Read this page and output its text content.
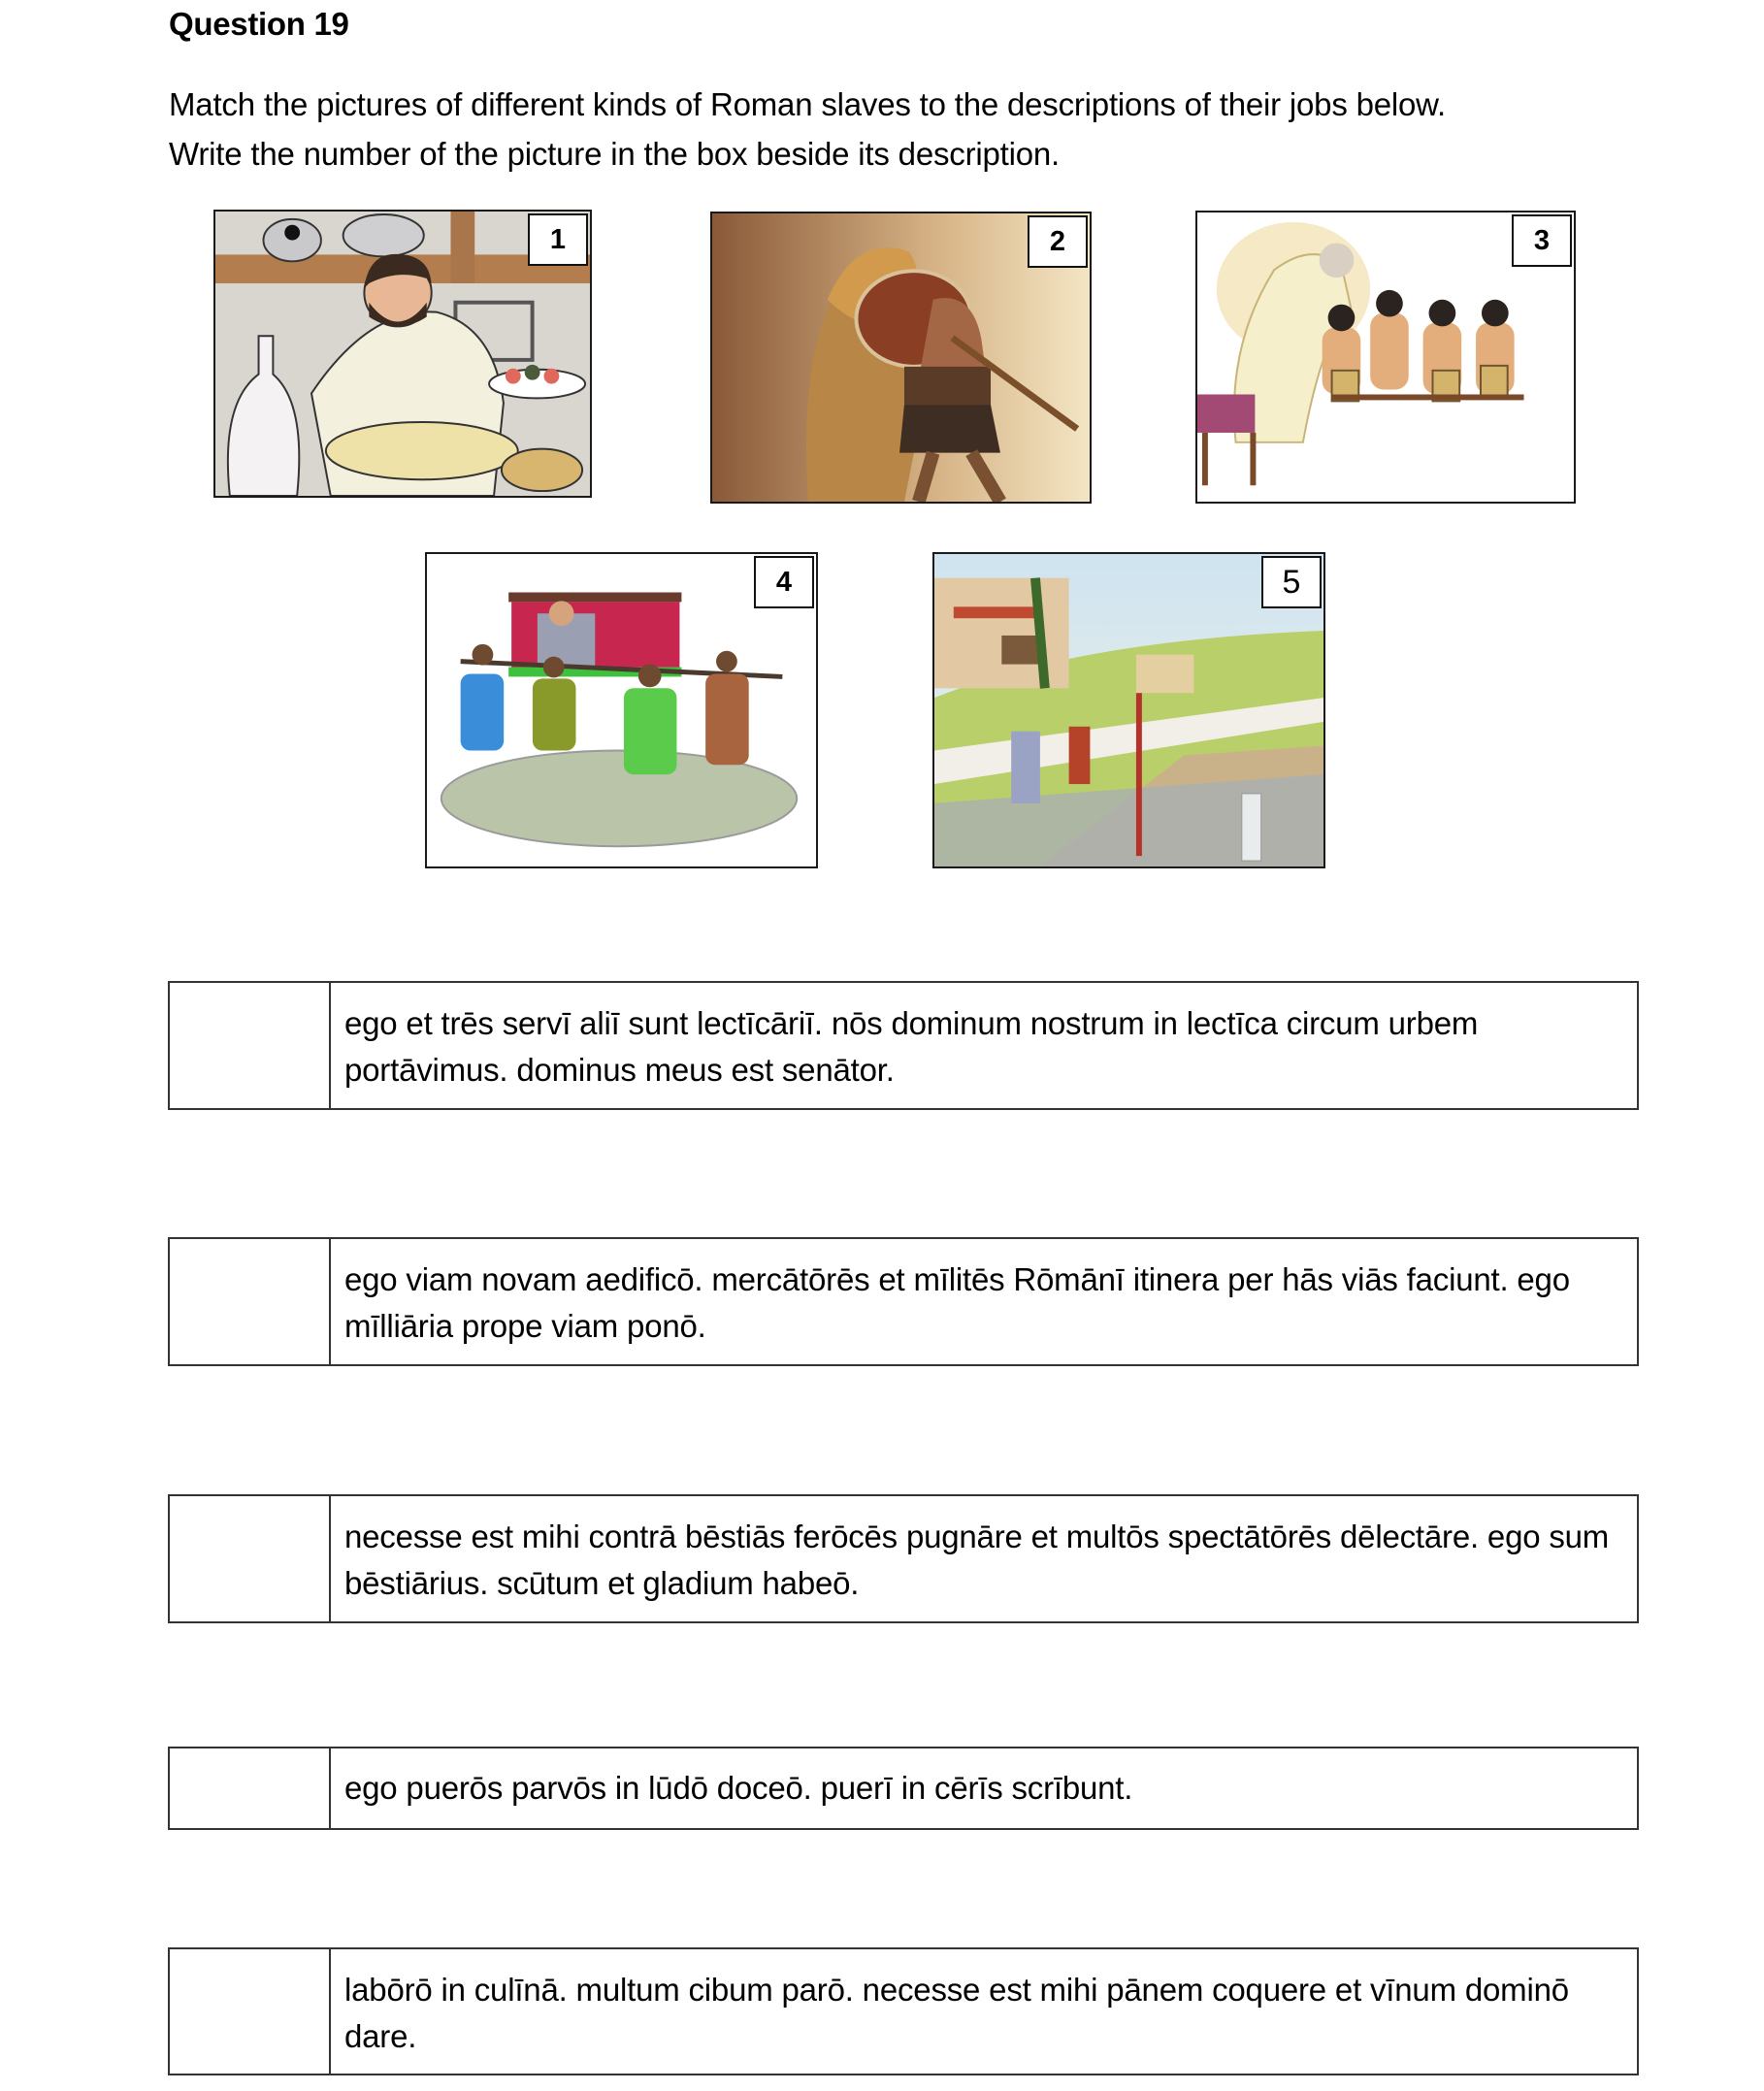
Question 19
Match the pictures of different kinds of Roman slaves to the descriptions of their jobs below.
Write the number of the picture in the box beside its description.
1	2	3
4	5
ego et trēs servī aliī sunt lectīcāriī. nōs dominum nostrum in lectīca circum urbem portāvimus. dominus meus est senātor.
ego viam novam aedificō. mercātōrēs et mīlitēs Rōmānī itinera per hās viās faciunt. ego mīlliāria prope viam ponō.
necesse est mihi contrā bēstiās ferōcēs pugnāre et multōs spectātōrēs dēlectāre. ego sum bēstiārius. scūtum et gladium habeō.
ego puerōs parvōs in lūdō doceō. puerī in cērīs scrībunt.
labōrō in culīnā. multum cibum parō. necesse est mihi pānem coquere et vīnum dominō dare.
